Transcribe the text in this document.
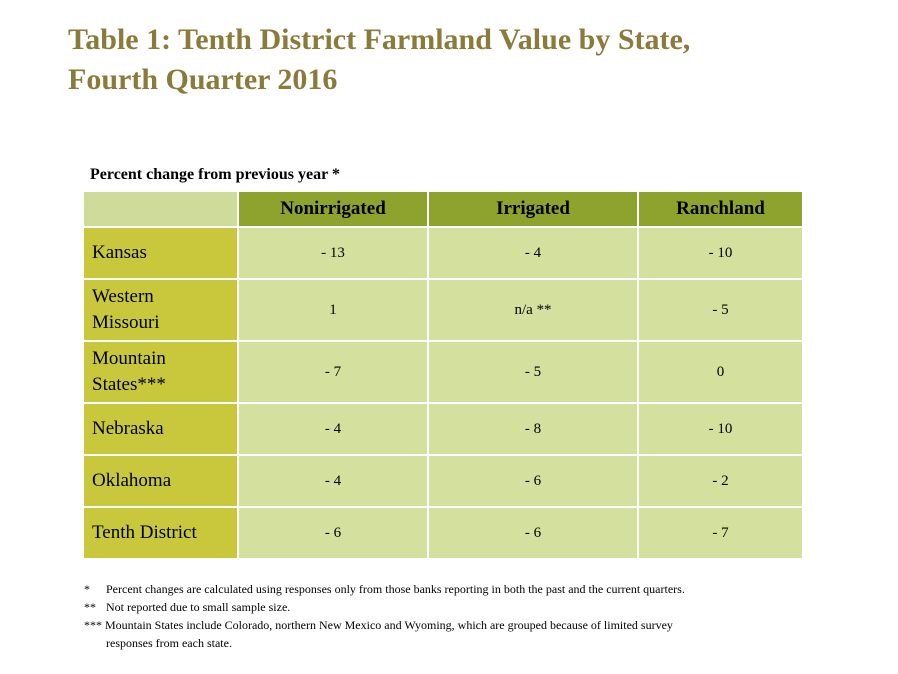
Table 1: Tenth District Farmland Value by State,
Fourth Quarter 2016
Percent change from previous year *
	Nonirrigated	Irrigated	Ranchland
Kansas	- 13	- 4	- 10
Western
Missouri	1	n/a **	- 5
Mountain
States***	- 7	- 5	0
Nebraska	- 4	- 8	- 10
Oklahoma	- 4	- 6	- 2
Tenth District	- 6	- 6	- 7
* Percent changes are calculated using responses only from those banks reporting in both the past and the current quarters.
** Not reported due to small sample size.
*** Mountain States include Colorado, northern New Mexico and Wyoming, which are grouped because of limited survey
responses from each state.
